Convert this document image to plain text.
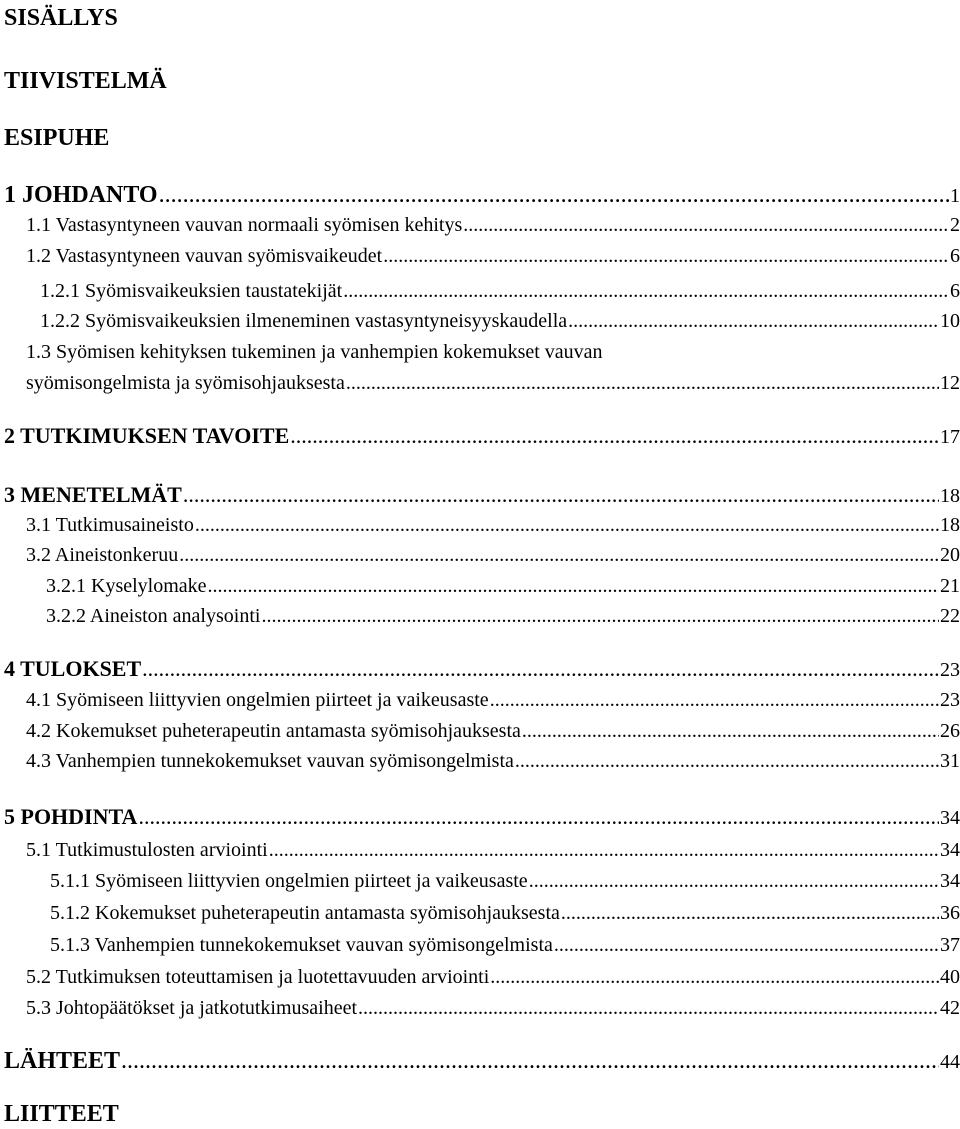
SISÄLLYS
TIIVISTELMÄ
ESIPUHE
1 JOHDANTO .....	1
1.1 Vastasyntyneen vauvan normaali syömisen kehitys .....	2
1.2 Vastasyntyneen vauvan syömisvaikeudet .....	6
1.2.1 Syömisvaikeuksien taustatekijät .....	6
1.2.2 Syömisvaikeuksien ilmeneminen vastasyntyneisyyskaudella .....	10
1.3 Syömisen kehityksen tukeminen ja vanhempien kokemukset vauvan
syömisongelmista ja syömisohjauksesta .....	12
2 TUTKIMUKSEN TAVOITE .....	17
3 MENETELMÄT .....	18
3.1 Tutkimusaineisto .....	18
3.2 Aineistonkeruu .....	20
3.2.1 Kyselylomake .....	21
3.2.2 Aineiston analysointi .....	22
4 TULOKSET .....	23
4.1 Syömiseen liittyvien ongelmien piirteet ja vaikeusaste .....	23
4.2 Kokemukset puheterapeutin antamasta syömisohjauksesta .....	26
4.3 Vanhempien tunnekokemukset vauvan syömisongelmista .....	31
5 POHDINTA .....	34
5.1 Tutkimustulosten arviointi .....	34
5.1.1 Syömiseen liittyvien ongelmien piirteet ja vaikeusaste .....	34
5.1.2 Kokemukset puheterapeutin antamasta syömisohjauksesta .....	36
5.1.3 Vanhempien tunnekokemukset vauvan syömisongelmista .....	37
5.2 Tutkimuksen toteuttamisen ja luotettavuuden arviointi .....	40
5.3 Johtopäätökset ja jatkotutkimusaiheet .....	42
LÄHTEET .....	44
LIITTEET
